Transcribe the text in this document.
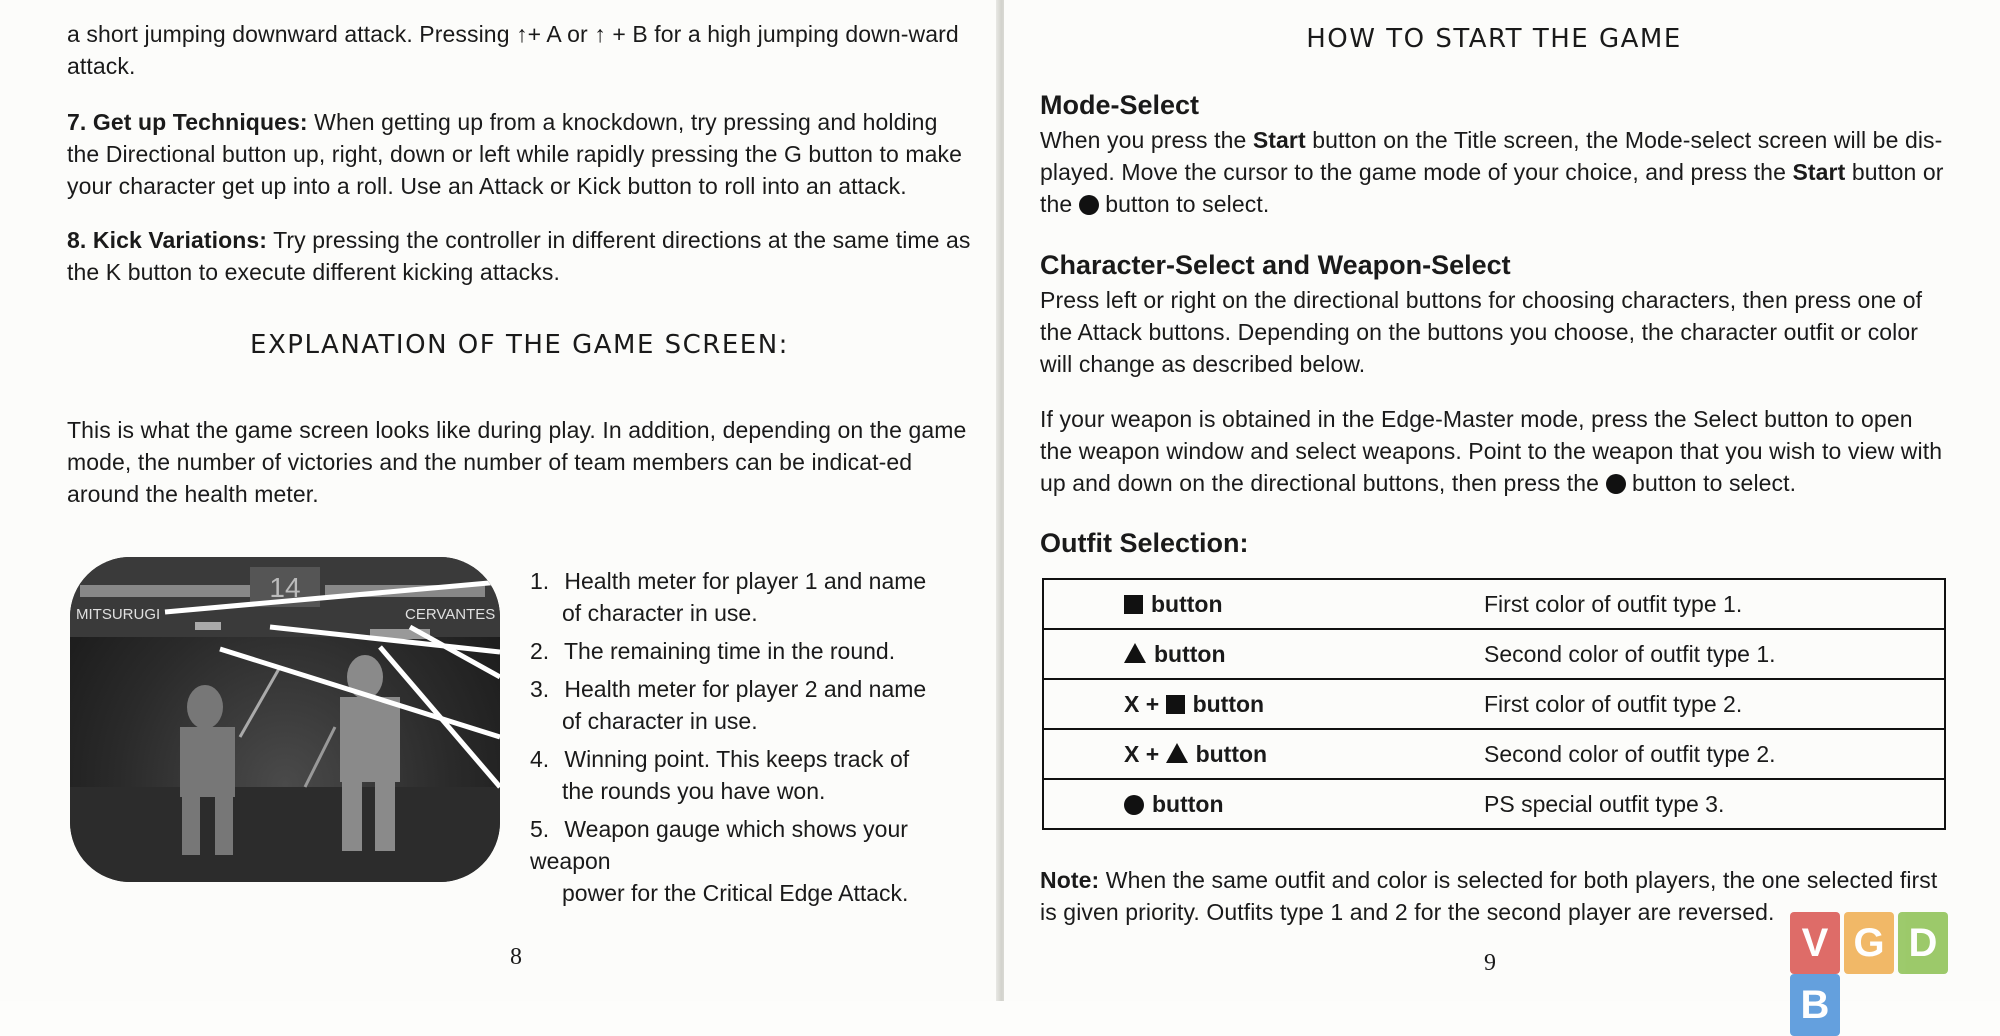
a short jumping downward attack. Pressing ↑+ A or ↑ + B for a high jumping down-ward attack.
7. Get up Techniques: When getting up from a knockdown, try pressing and holding the Directional button up, right, down or left while rapidly pressing the G button to make your character get up into a roll. Use an Attack or Kick button to roll into an attack.
8. Kick Variations: Try pressing the controller in different directions at the same time as the K button to execute different kicking attacks.
EXPLANATION OF THE GAME SCREEN:
This is what the game screen looks like during play. In addition, depending on the game mode, the number of victories and the number of team members can be indicat-ed around the health meter.
14
MITSURUGI	CERVANTES
1. Health meter for player 1 and name
of character in use.
2. The remaining time in the round.
3. Health meter for player 2 and name
of character in use.
4. Winning point. This keeps track of
the rounds you have won.
5. Weapon gauge which shows your weapon
power for the Critical Edge Attack.
8
HOW TO START THE GAME
Mode-Select
When you press the Start button on the Title screen, the Mode-select screen will be dis-played. Move the cursor to the game mode of your choice, and press the Start button or the  button to select.
Character-Select and Weapon-Select
Press left or right on the directional buttons for choosing characters, then press one of the Attack buttons. Depending on the buttons you choose, the character outfit or color will change as described below.
If your weapon is obtained in the Edge-Master mode, press the Select button to open the weapon window and select weapons. Point to the weapon that you wish to view with up and down on the directional buttons, then press the  button to select.
Outfit Selection:
Note: When the same outfit and color is selected for both players, the one selected first is given priority. Outfits type 1 and 2 for the second player are reversed.
9
button	First color of outfit type 1.
button	Second color of outfit type 1.
X + button	First color of outfit type 2.
X + button	Second color of outfit type 2.
button	PS special outfit type 3.
V G DB
